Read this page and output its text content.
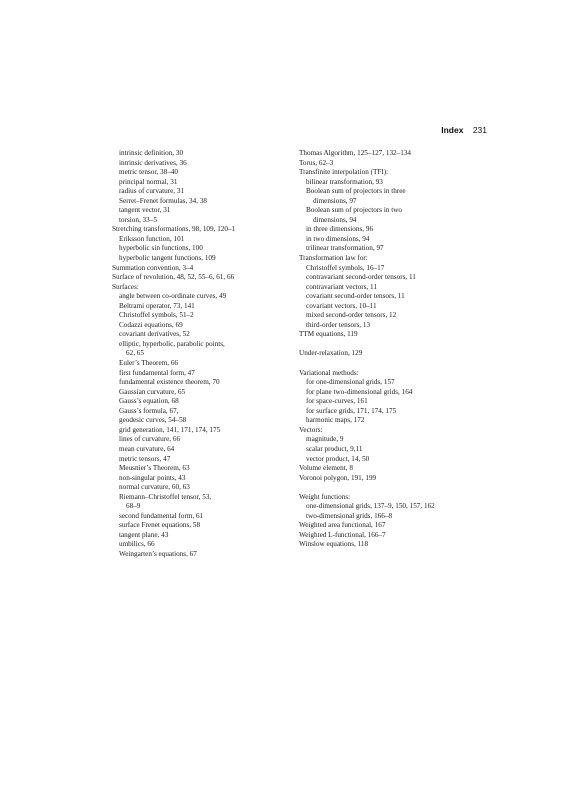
Index 231
intrinsic definition, 30
intrinsic derivatives, 36
metric tensor, 38–40
principal normal, 31
radius of curvature, 31
Serret–Frenet formulas, 34, 38
tangent vector, 31
torsion, 33–5
Stretching transformations, 98, 109, 120–1
Eriksson function, 101
hyperbolic sin functions, 100
hyperbolic tangent functions, 109
Summation convention, 3–4
Surface of revolution, 48, 52, 55–6, 61, 66
Surfaces:
angle between co-ordinate curves, 49
Beltrami operator, 73, 141
Christoffel symbols, 51–2
Codazzi equations, 69
covariant derivatives, 52
elliptic, hyperbolic, parabolic points,
62, 65
Euler’s Theorem, 66
first fundamental form, 47
fundamental existence theorem, 70
Gaussian curvature, 65
Gauss’s equation, 68
Gauss’s formula, 67,
geodesic curves, 54–58
grid generation, 141, 171, 174, 175
lines of curvature, 66
mean curvature, 64
metric tensors, 47
Meusnier’s Theorem, 63
non-singular points, 43
normal curvature, 60, 63
Riemann–Christoffel tensor, 53,
68–9
second fundamental form, 61
surface Frenet equations, 58
tangent plane, 43
umbilics, 66
Weingarten’s equations, 67
Thomas Algorithm, 125–127, 132–134
Torus, 62–3
Transfinite interpolation (TFI):
bilinear transformation, 93
Boolean sum of projectors in three
dimensions, 97
Boolean sum of projectors in two
dimensions, 94
in three dimensions, 96
in two dimensions, 94
trilinear transformation, 97
Transformation law for:
Christoffel symbols, 16–17
contravariant second-order tensors, 11
contravariant vectors, 11
covariant second-order tensors, 11
covariant vectors, 10–11
mixed second-order tensors, 12
third-order tensors, 13
TTM equations, 119
Under-relaxation, 129
Variational methods:
for one-dimensional grids, 157
for plane two-dimensional grids, 164
for space-curves, 161
for surface grids, 171, 174, 175
harmonic maps, 172
Vectors:
magnitude, 9
scalar product, 9,11
vector product, 14, 50
Volume element, 8
Voronoi polygon, 191, 199
Weight functions:
one-dimensional grids, 137–9, 150, 157, 162
two-dimensional grids, 166–8
Weighted area functional, 167
Weighted L-functional, 166–7
Winslow equations, 118
